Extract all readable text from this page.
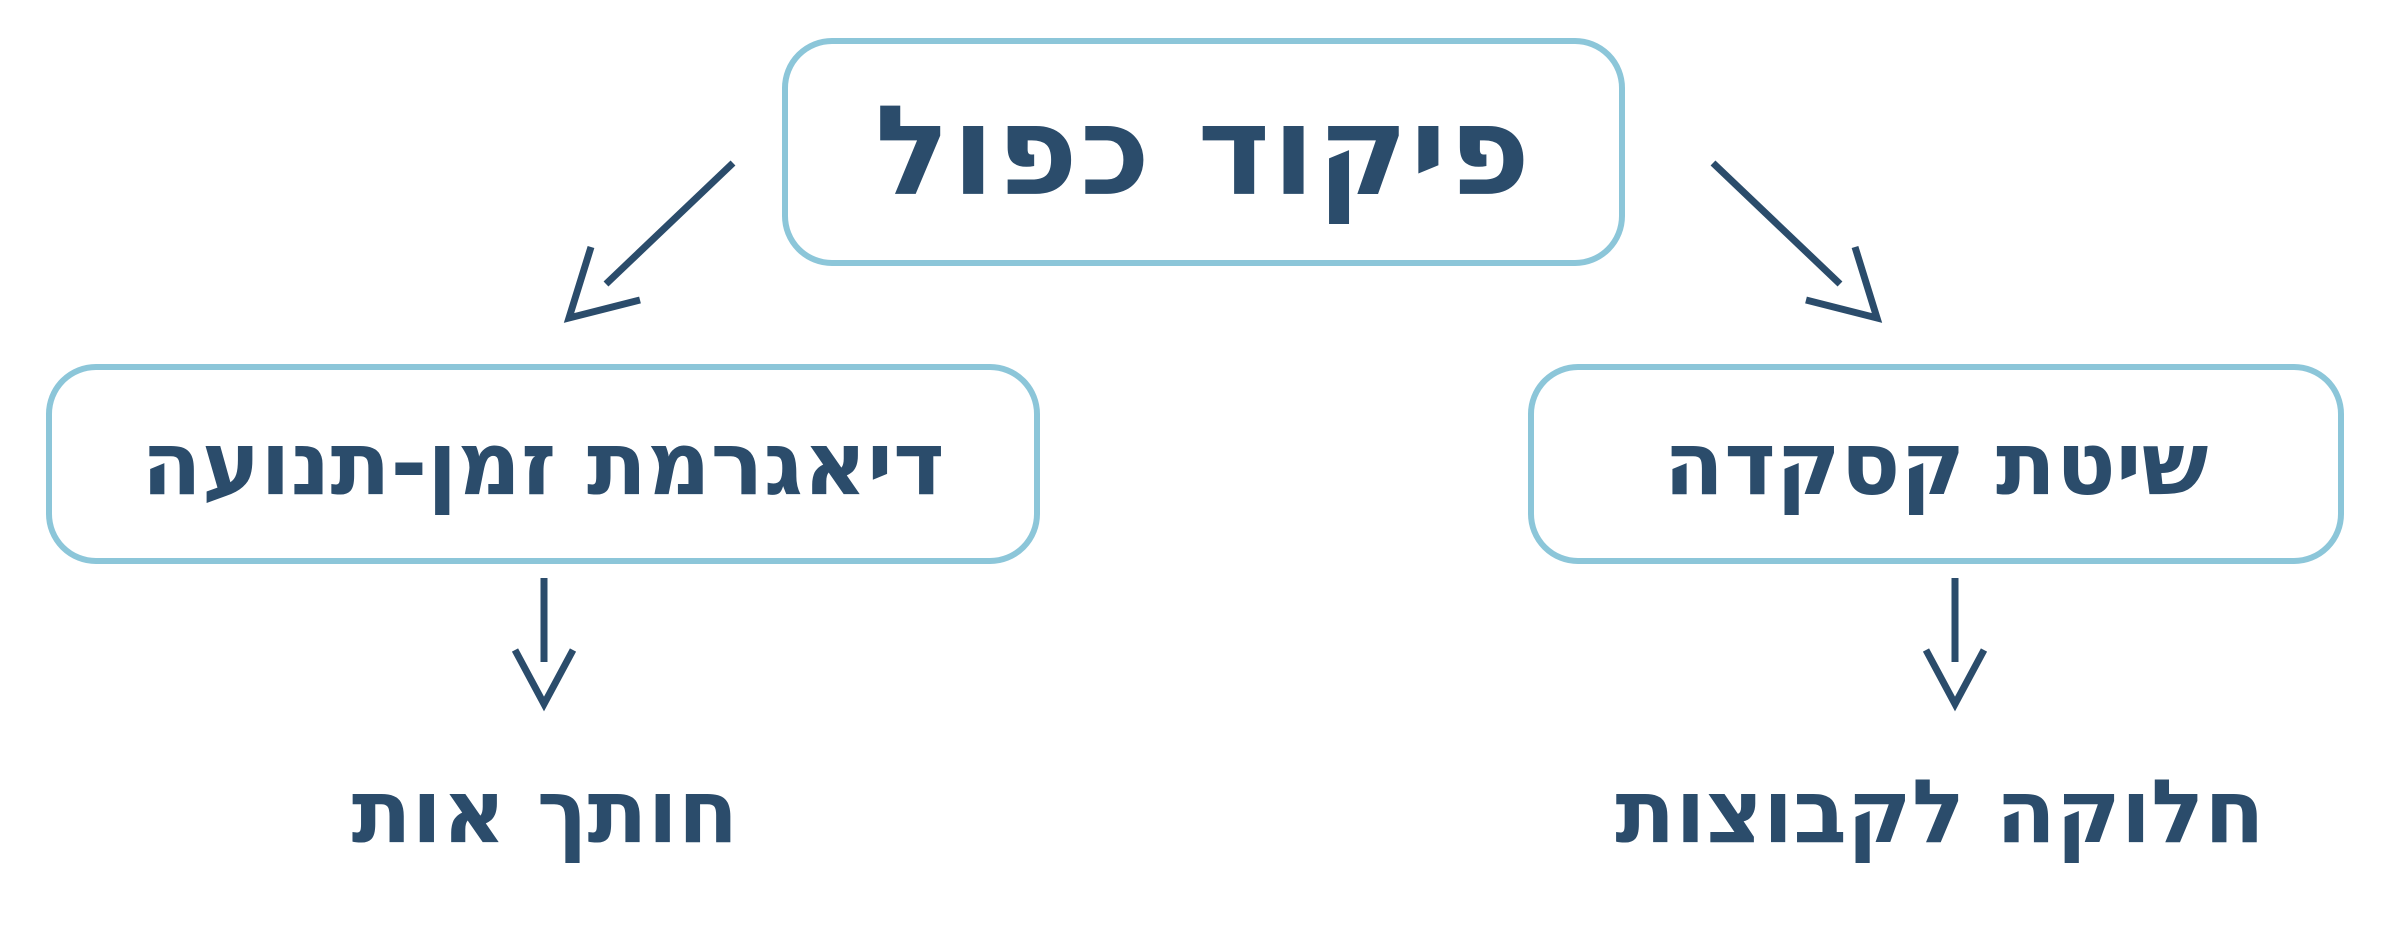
פיקוד כפול
דיאגרמת זמן-תנועה	שיטת קסקדה
חותך אות	חלוקה לקבוצות
